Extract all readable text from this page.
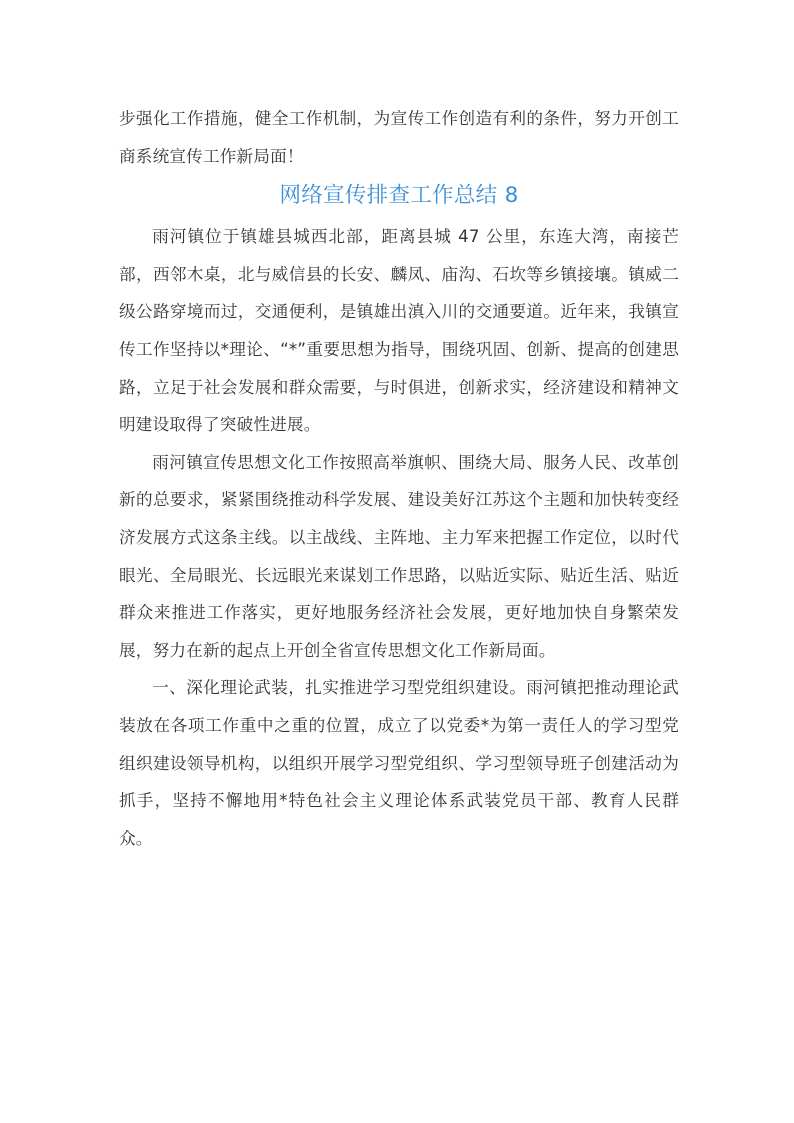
步强化工作措施，健全工作机制，为宣传工作创造有利的条件，努力开创工商系统宣传工作新局面！

网络宣传排查工作总结 8

雨河镇位于镇雄县城西北部，距离县城 47 公里，东连大湾，南接芒部，西邻木桌，北与威信县的长安、麟凤、庙沟、石坎等乡镇接壤。镇威二级公路穿境而过，交通便利，是镇雄出滇入川的交通要道。近年来，我镇宣传工作坚持以*理论、“*”重要思想为指导，围绕巩固、创新、提高的创建思路，立足于社会发展和群众需要，与时俱进，创新求实，经济建设和精神文明建设取得了突破性进展。

雨河镇宣传思想文化工作按照高举旗帜、围绕大局、服务人民、改革创新的总要求，紧紧围绕推动科学发展、建设美好江苏这个主题和加快转变经济发展方式这条主线。以主战线、主阵地、主力军来把握工作定位，以时代眼光、全局眼光、长远眼光来谋划工作思路，以贴近实际、贴近生活、贴近群众来推进工作落实，更好地服务经济社会发展，更好地加快自身繁荣发展，努力在新的起点上开创全省宣传思想文化工作新局面。

一、深化理论武装，扎实推进学习型党组织建设。雨河镇把推动理论武装放在各项工作重中之重的位置，成立了以党委*为第一责任人的学习型党组织建设领导机构，以组织开展学习型党组织、学习型领导班子创建活动为抓手，坚持不懈地用*特色社会主义理论体系武装党员干部、教育人民群众。
